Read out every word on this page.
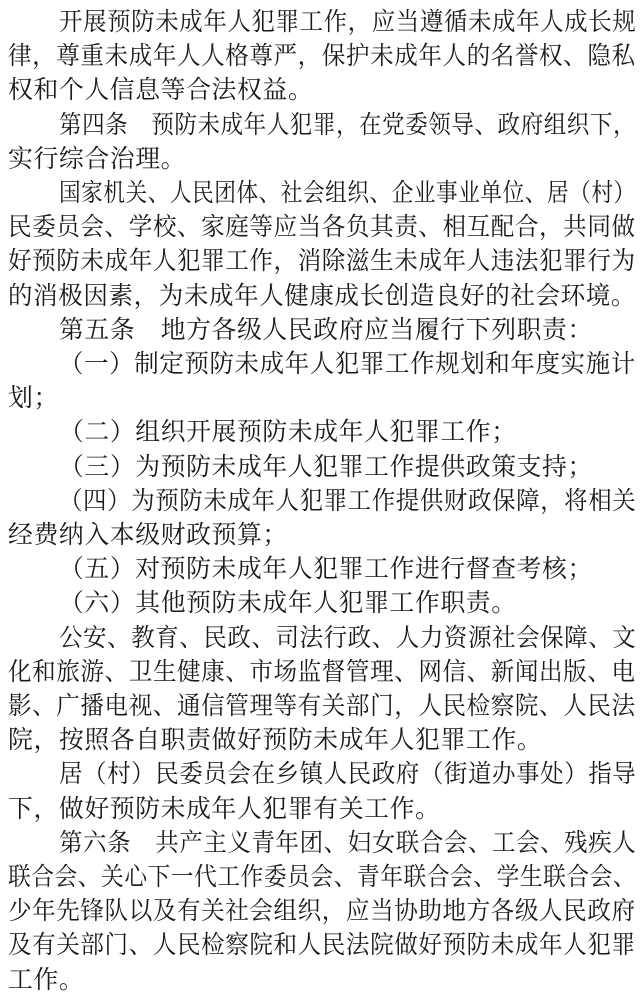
开展预防未成年人犯罪工作，应当遵循未成年人成长规
律，尊重未成年人人格尊严，保护未成年人的名誉权、隐私
权和个人信息等合法权益。
第四条　预防未成年人犯罪，在党委领导、政府组织下，
实行综合治理。
国家机关、人民团体、社会组织、企业事业单位、居（村）
民委员会、学校、家庭等应当各负其责、相互配合，共同做
好预防未成年人犯罪工作，消除滋生未成年人违法犯罪行为
的消极因素，为未成年人健康成长创造良好的社会环境。
第五条　地方各级人民政府应当履行下列职责：
（一）制定预防未成年人犯罪工作规划和年度实施计
划；
（二）组织开展预防未成年人犯罪工作；
（三）为预防未成年人犯罪工作提供政策支持；
（四）为预防未成年人犯罪工作提供财政保障，将相关
经费纳入本级财政预算；
（五）对预防未成年人犯罪工作进行督查考核；
（六）其他预防未成年人犯罪工作职责。
公安、教育、民政、司法行政、人力资源社会保障、文
化和旅游、卫生健康、市场监督管理、网信、新闻出版、电
影、广播电视、通信管理等有关部门，人民检察院、人民法
院，按照各自职责做好预防未成年人犯罪工作。
居（村）民委员会在乡镇人民政府（街道办事处）指导
下，做好预防未成年人犯罪有关工作。
第六条　共产主义青年团、妇女联合会、工会、残疾人
联合会、关心下一代工作委员会、青年联合会、学生联合会、
少年先锋队以及有关社会组织，应当协助地方各级人民政府
及有关部门、人民检察院和人民法院做好预防未成年人犯罪
工作。
